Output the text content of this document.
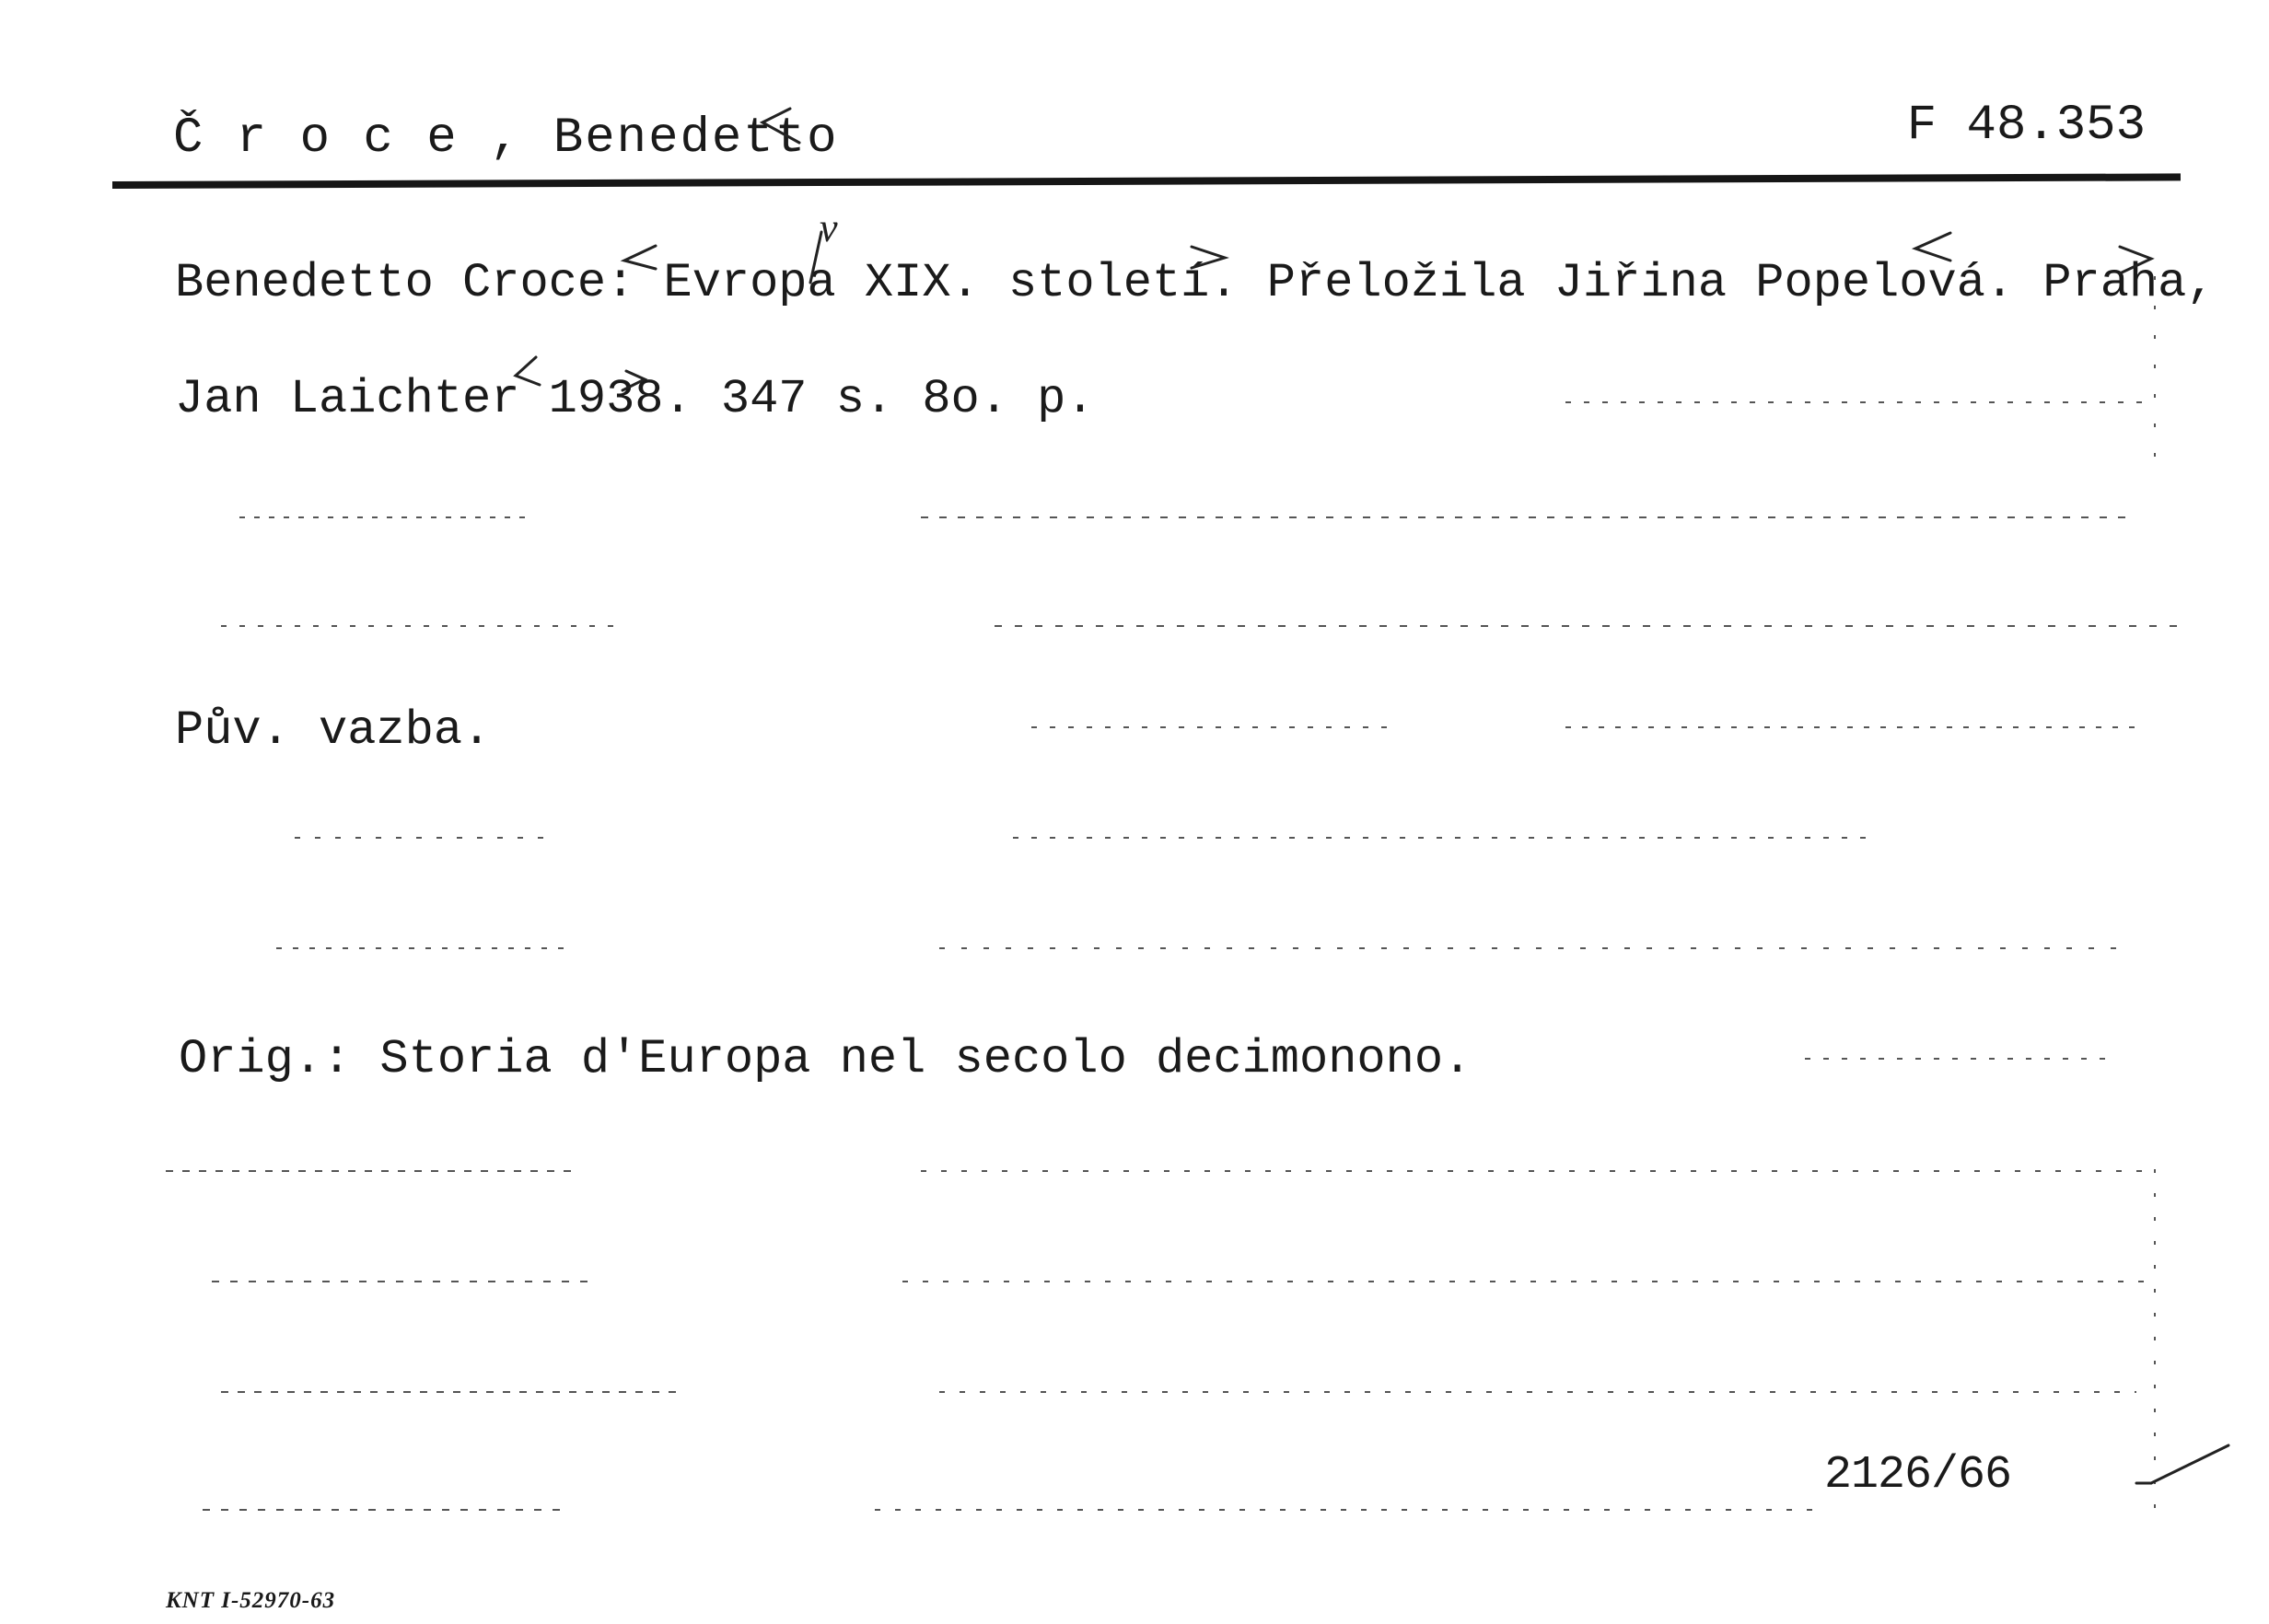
Č r o c e , Benedetto	F 48.353
Benedetto Croce: Evropa XIX. století. Přeložila Jiřina Popelová. Praha,
Jan Laichter 1938. 347 s. 8o. p.
Pův. vazba.
Orig.: Storia d'Europa nel secolo decimonono.
v
2126/66
KNT I-52970-63
